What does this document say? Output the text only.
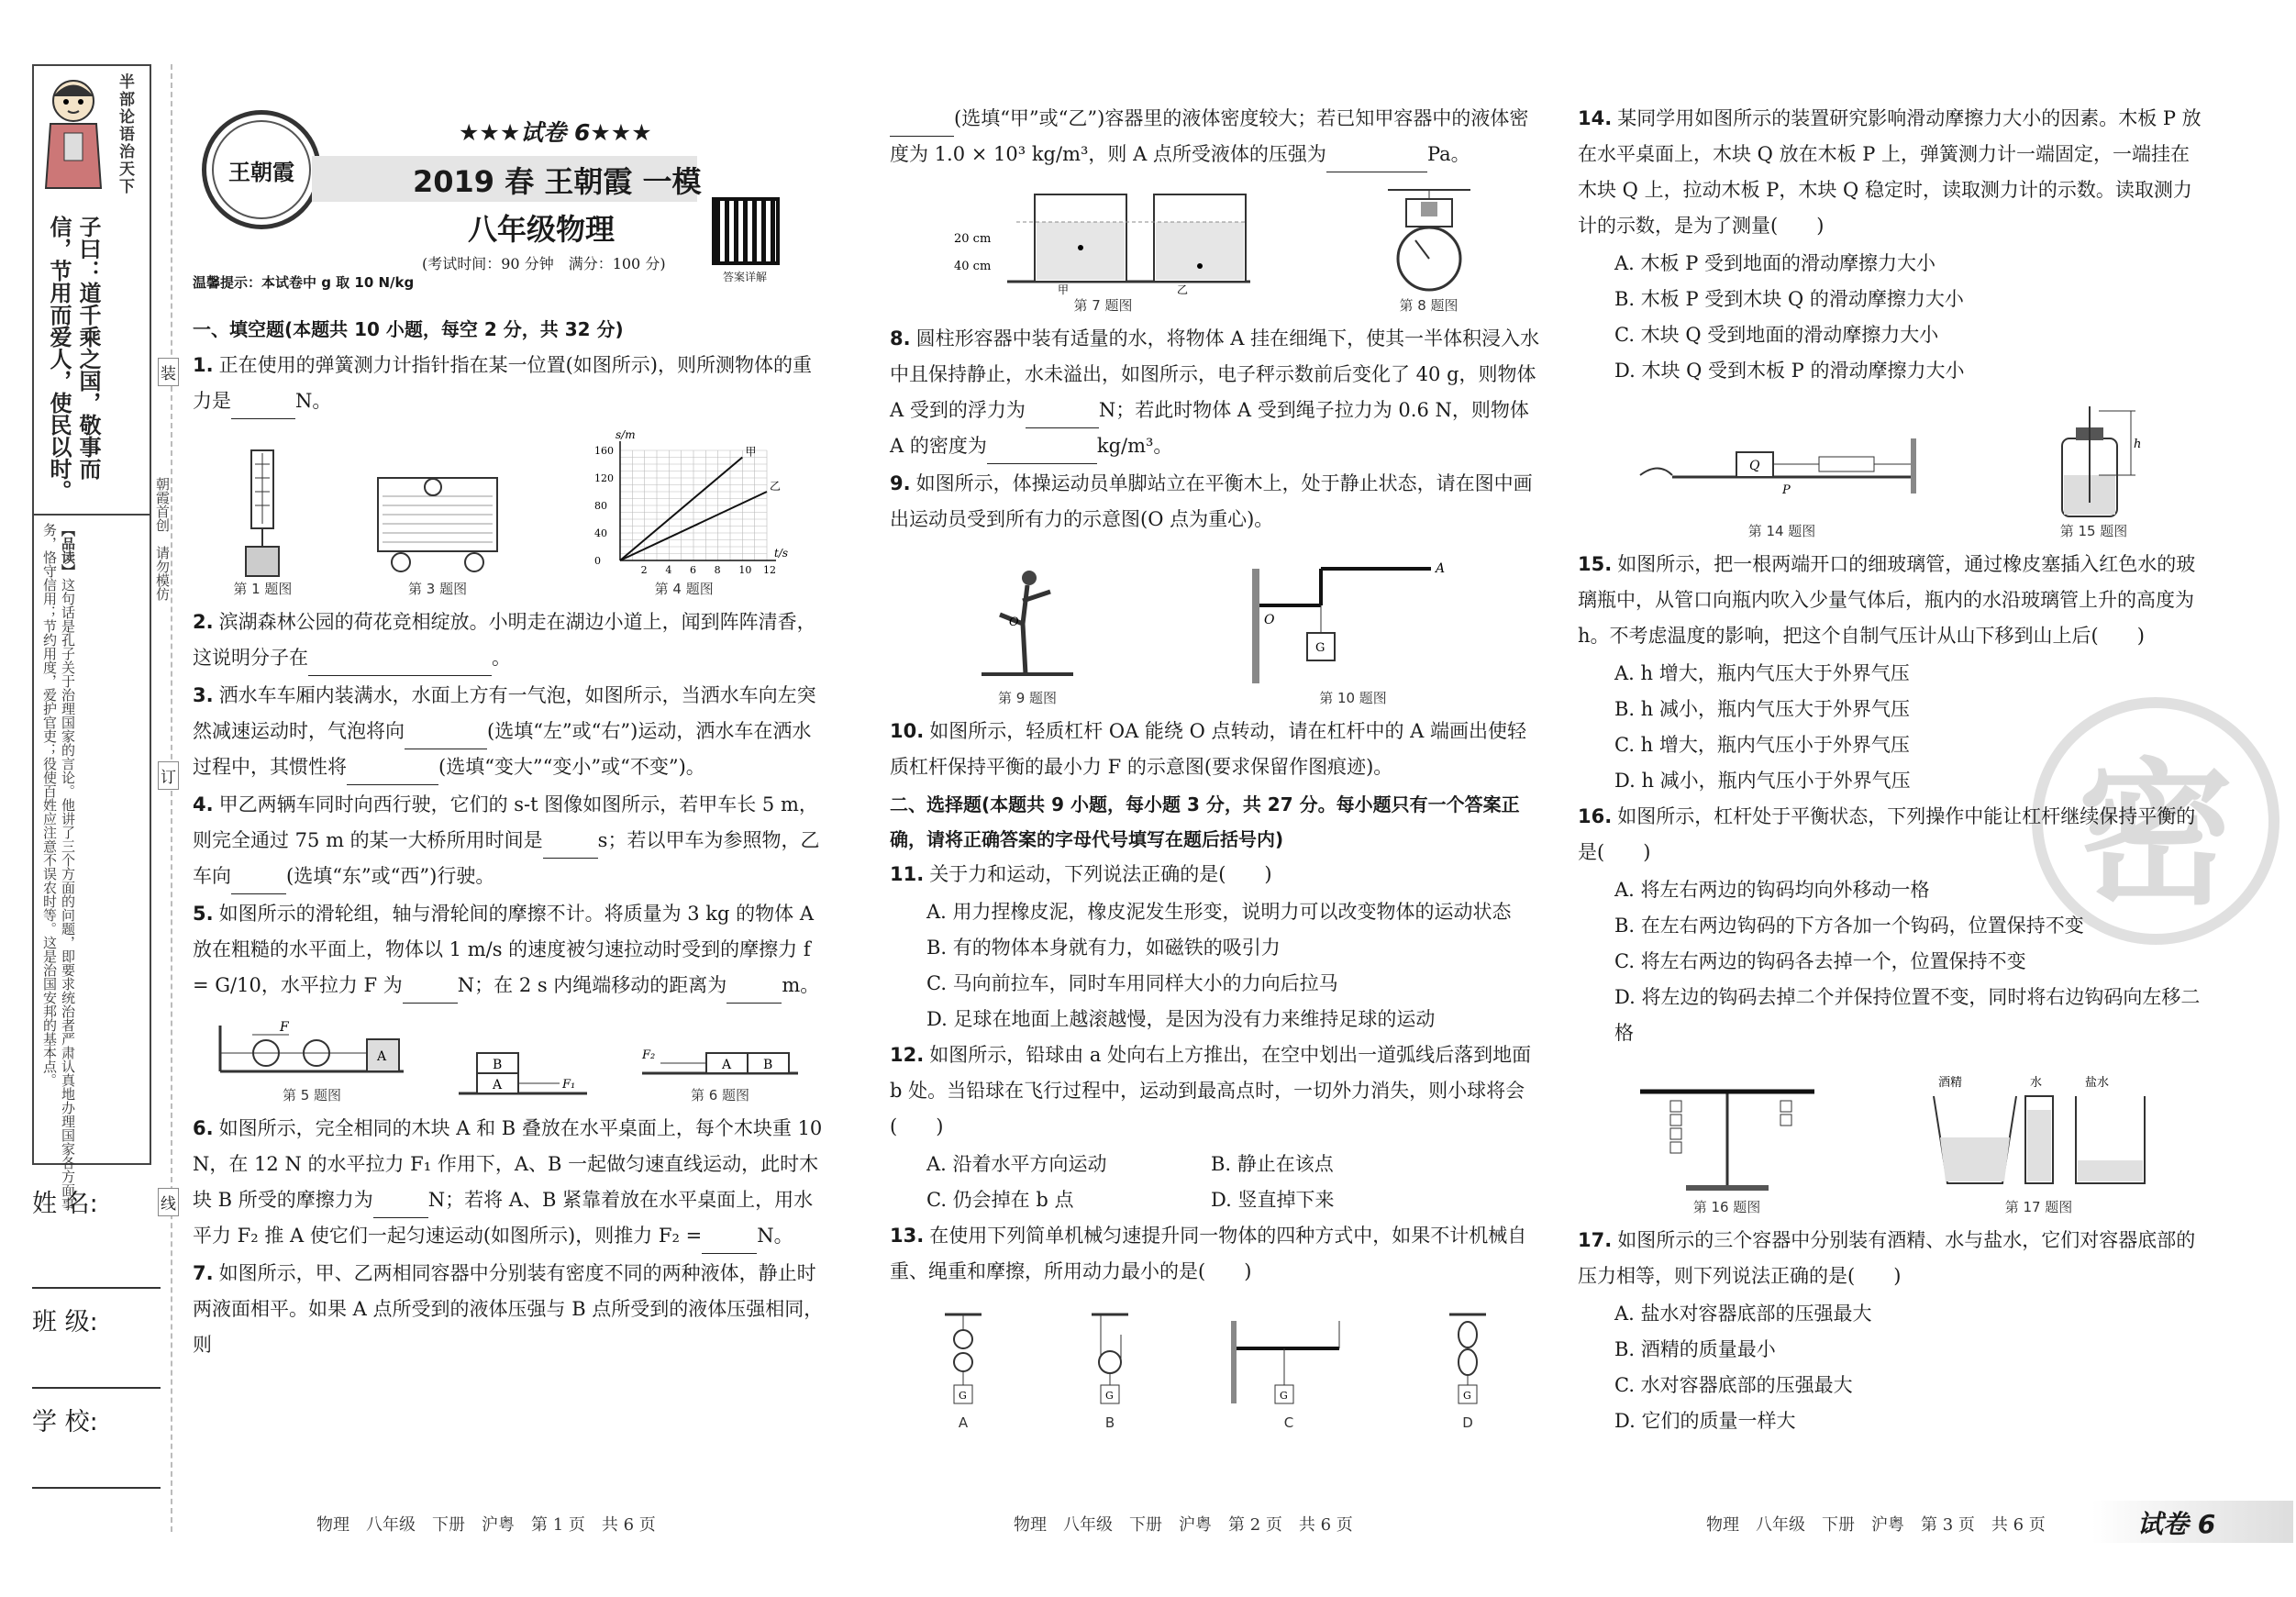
半部论语治天下
子曰：道千乘之国，敬事而信，节用而爱人，使民以时。
【品读】这句话是孔子关于治理国家的言论。他讲了三个方面的问题，即要求统治者严肃认真地办理国家各方面事务，恪守信用；节约用度，爱护官吏；役使百姓应注意不误农时等。这是治国安邦的基本点。
姓 名:
班 级:
学 校:
朝霞首创　请勿模仿
装
订
线
王朝霞
★★★试卷 6★★★
2019 春 王朝霞 一模
八年级物理
(考试时间：90 分钟　满分：100 分)
答案详解
温馨提示：本试卷中 g 取 10 N/kg
一、填空题(本题共 10 小题，每空 2 分，共 32 分)
1. 正在使用的弹簧测力计指针指在某一位置(如图所示)，则所测物体的重力是	N。
第 1 题图	第 3 题图
160
120
80
40
0
2 4 6 8 10 12
s/m
t/s
甲
乙
第 4 题图
2. 滨湖森林公园的荷花竞相绽放。小明走在湖边小道上，闻到阵阵清香，这说明分子在	。
3. 洒水车车厢内装满水，水面上方有一气泡，如图所示，当洒水车向左突然减速运动时，气泡将向	(选填“左”或“右”)运动，洒水车在洒水过程中，其惯性将	(选填“变大”“变小”或“不变”)。
4. 甲乙两辆车同时向西行驶，它们的 s-t 图像如图所示，若甲车长 5 m，则完全通过 75 m 的某一大桥所用时间是	s；若以甲车为参照物，乙车向	(选填“东”或“西”)行驶。
5. 如图所示的滑轮组，轴与滑轮间的摩擦不计。将质量为 3 kg 的物体 A 放在粗糙的水平面上，物体以 1 m/s 的速度被匀速拉动时受到的摩擦力 f = G/10，水平拉力 F 为	N；在 2 s 内绳端移动的距离为	m。
A
F
第 5 题图
A
B
F₁
F₂
A B
第 6 题图
6. 如图所示，完全相同的木块 A 和 B 叠放在水平桌面上，每个木块重 10 N，在 12 N 的水平拉力 F₁ 作用下，A、B 一起做匀速直线运动，此时木块 B 所受的摩擦力为	N；若将 A、B 紧靠着放在水平桌面上，用水平力 F₂ 推 A 使它们一起匀速运动(如图所示)，则推力 F₂ =	N。
7. 如图所示，甲、乙两相同容器中分别装有密度不同的两种液体，静止时两液面相平。如果 A 点所受到的液体压强与 B 点所受到的液体压强相同，则
(选填“甲”或“乙”)容器里的液体密度较大；若已知甲容器中的液体密度为 1.0 × 10³ kg/m³，则 A 点所受液体的压强为	Pa。
20 cm
40 cm
甲	乙
第 7 题图	第 8 题图
8. 圆柱形容器中装有适量的水，将物体 A 挂在细绳下，使其一半体积浸入水中且保持静止，水未溢出，如图所示，电子秤示数前后变化了 40 g，则物体 A 受到的浮力为	N；若此时物体 A 受到绳子拉力为 0.6 N，则物体 A 的密度为	kg/m³。
9. 如图所示，体操运动员单脚站立在平衡木上，处于静止状态，请在图中画出运动员受到所有力的示意图(O 点为重心)。
O
第 9 题图
A
O
G
第 10 题图
10. 如图所示，轻质杠杆 OA 能绕 O 点转动，请在杠杆中的 A 端画出使轻质杠杆保持平衡的最小力 F 的示意图(要求保留作图痕迹)。
二、选择题(本题共 9 小题，每小题 3 分，共 27 分。每小题只有一个答案正确，请将正确答案的字母代号填写在题后括号内)
11. 关于力和运动，下列说法正确的是(　　)
A. 用力捏橡皮泥，橡皮泥发生形变，说明力可以改变物体的运动状态
B. 有的物体本身就有力，如磁铁的吸引力
C. 马向前拉车，同时车用同样大小的力向后拉马
D. 足球在地面上越滚越慢，是因为没有力来维持足球的运动
12. 如图所示，铅球由 a 处向右上方推出，在空中划出一道弧线后落到地面 b 处。当铅球在飞行过程中，运动到最高点时，一切外力消失，则小球将会(　　)
A. 沿着水平方向运动	B. 静止在该点
C. 仍会掉在 b 点	D. 竖直掉下来
13. 在使用下列简单机械匀速提升同一物体的四种方式中，如果不计机械自重、绳重和摩擦，所用动力最小的是(　　)
G
A
G
B
G
C
G
D
14. 某同学用如图所示的装置研究影响滑动摩擦力大小的因素。木板 P 放在水平桌面上，木块 Q 放在木板 P 上，弹簧测力计一端固定，一端挂在木块 Q 上，拉动木板 P，木块 Q 稳定时，读取测力计的示数。读取测力计的示数，是为了测量(　　)
A. 木板 P 受到地面的滑动摩擦力大小
B. 木板 P 受到木块 Q 的滑动摩擦力大小
C. 木块 Q 受到地面的滑动摩擦力大小
D. 木块 Q 受到木板 P 的滑动摩擦力大小
Q
P
第 14 题图
h
第 15 题图
15. 如图所示，把一根两端开口的细玻璃管，通过橡皮塞插入红色水的玻璃瓶中，从管口向瓶内吹入少量气体后，瓶内的水沿玻璃管上升的高度为 h。不考虑温度的影响，把这个自制气压计从山下移到山上后(　　)
A. h 增大，瓶内气压大于外界气压
B. h 减小，瓶内气压大于外界气压
C. h 增大，瓶内气压小于外界气压
D. h 减小，瓶内气压小于外界气压
16. 如图所示，杠杆处于平衡状态，下列操作中能让杠杆继续保持平衡的是(　　)
A. 将左右两边的钩码均向外移动一格
B. 在左右两边钩码的下方各加一个钩码，位置保持不变
C. 将左右两边的钩码各去掉一个，位置保持不变
D. 将左边的钩码去掉二个并保持位置不变，同时将右边钩码向左移二格
第 16 题图
酒精	水	盐水
第 17 题图
17. 如图所示的三个容器中分别装有酒精、水与盐水，它们对容器底部的压力相等，则下列说法正确的是(　　)
A. 盐水对容器底部的压强最大
B. 酒精的质量最小
C. 水对容器底部的压强最大
D. 它们的质量一样大
密
物理　八年级　下册　沪粤　第 1 页　共 6 页	物理　八年级　下册　沪粤　第 2 页　共 6 页	物理　八年级　下册　沪粤　第 3 页　共 6 页	试卷 6
